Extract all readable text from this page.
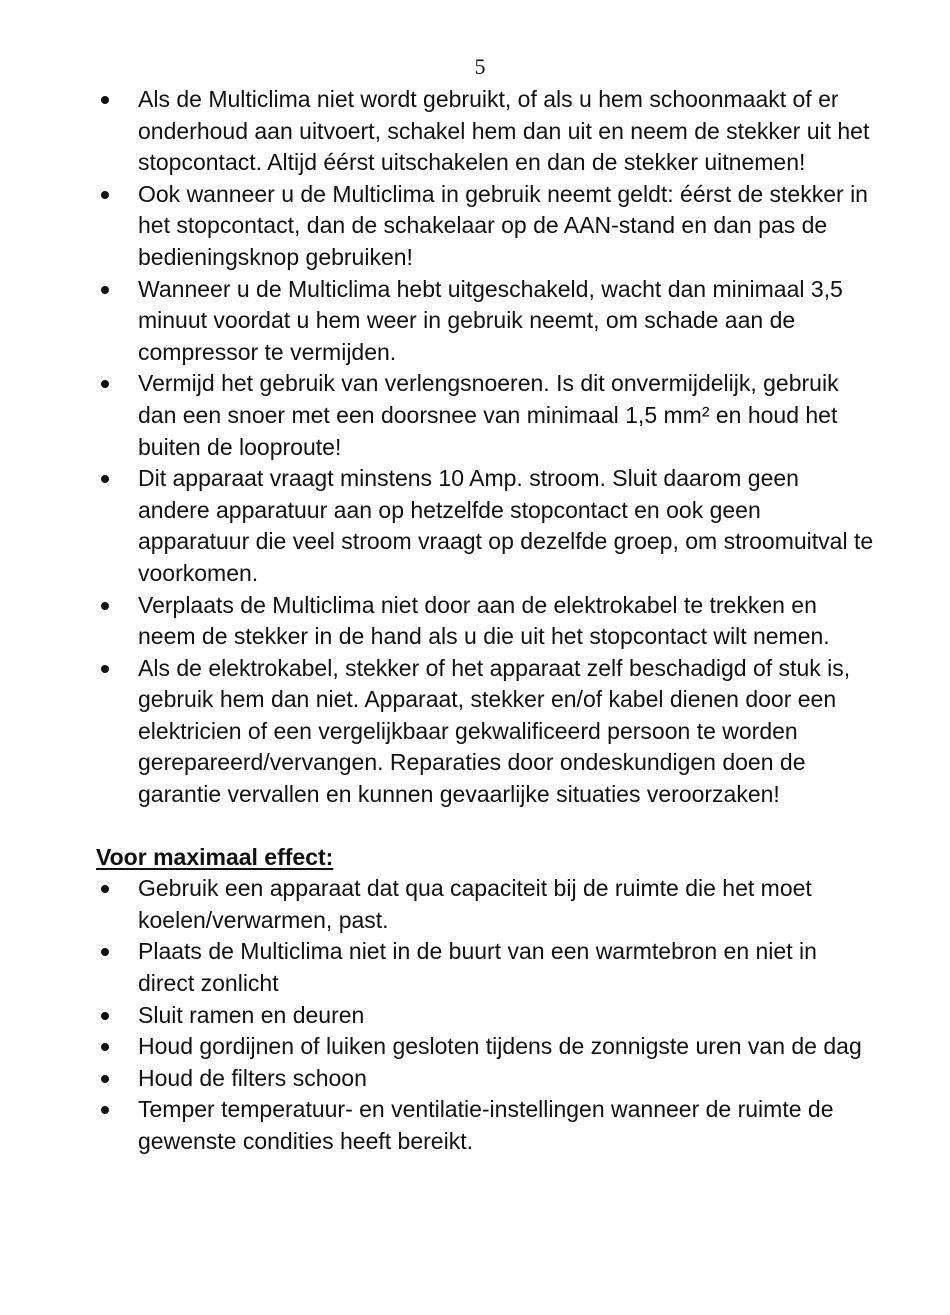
5
Als de Multiclima niet wordt gebruikt, of als u hem schoonmaakt of er onderhoud aan uitvoert, schakel hem dan uit en neem de stekker uit het stopcontact. Altijd éérst uitschakelen en dan de stekker uitnemen!
Ook wanneer u de Multiclima in gebruik neemt geldt: éérst de stekker in het stopcontact, dan de schakelaar op de AAN-stand en dan pas de bedieningsknop gebruiken!
Wanneer u de Multiclima hebt uitgeschakeld, wacht dan minimaal 3,5 minuut voordat u hem weer in gebruik neemt, om schade aan de compressor te vermijden.
Vermijd het gebruik van verlengsnoeren. Is dit onvermijdelijk, gebruik dan een snoer met een doorsnee van minimaal 1,5 mm² en houd het buiten de looproute!
Dit apparaat vraagt minstens 10 Amp. stroom. Sluit daarom geen andere apparatuur aan op hetzelfde stopcontact en ook geen apparatuur die veel stroom vraagt op dezelfde groep, om stroomuitval te voorkomen.
Verplaats de Multiclima niet door aan de elektrokabel te trekken en neem de stekker in de hand als u die uit het stopcontact wilt nemen.
Als de elektrokabel, stekker of het apparaat zelf beschadigd of stuk is, gebruik hem dan niet. Apparaat, stekker en/of kabel dienen door een elektricien of een vergelijkbaar gekwalificeerd persoon te worden gerepareerd/vervangen. Reparaties door ondeskundigen doen de garantie vervallen en kunnen gevaarlijke situaties veroorzaken!
Voor maximaal effect:
Gebruik een apparaat dat qua capaciteit bij de ruimte die het moet koelen/verwarmen, past.
Plaats de Multiclima niet in de buurt van een warmtebron en niet in direct zonlicht
Sluit ramen en deuren
Houd gordijnen of luiken gesloten tijdens de zonnigste uren van de dag
Houd de filters schoon
Temper temperatuur- en ventilatie-instellingen wanneer de ruimte de gewenste condities heeft bereikt.
